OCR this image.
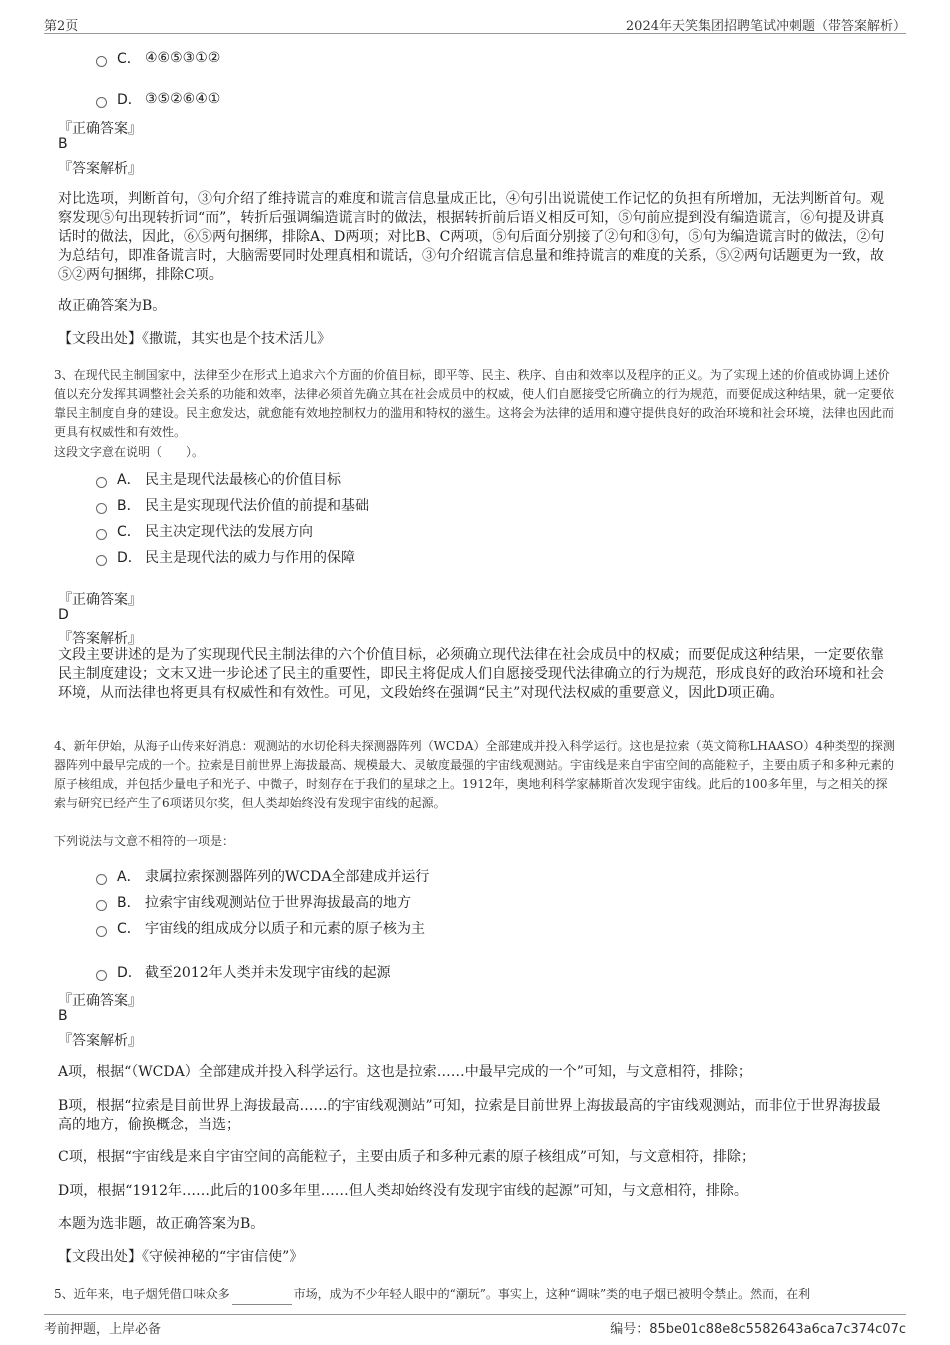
第2页	2024年天笑集团招聘笔试冲刺题（带答案解析）
C． ④⑥⑤③①②
D． ③⑤②⑥④①
『正确答案』
B
『答案解析』
对比选项，判断首句，③句介绍了维持谎言的难度和谎言信息量成正比，④句引出说谎使工作记忆的负担有所增加，无法判断首句。观察发现⑤句出现转折词“而”，转折后强调编造谎言时的做法，根据转折前后语义相反可知，⑤句前应提到没有编造谎言，⑥句提及讲真话时的做法，因此，⑥⑤两句捆绑，排除A、D两项；对比B、C两项，⑤句后面分别接了②句和③句，⑤句为编造谎言时的做法，②句为总结句，即准备谎言时，大脑需要同时处理真相和谎话，③句介绍谎言信息量和维持谎言的难度的关系，⑤②两句话题更为一致，故⑤②两句捆绑，排除C项。
故正确答案为B。
【文段出处】《撒谎，其实也是个技术活儿》
3、在现代民主制国家中，法律至少在形式上追求六个方面的价值目标，即平等、民主、秩序、自由和效率以及程序的正义。为了实现上述的价值或协调上述价值以充分发挥其调整社会关系的功能和效率，法律必须首先确立其在社会成员中的权威，使人们自愿接受它所确立的行为规范，而要促成这种结果，就一定要依靠民主制度自身的建设。民主愈发达，就愈能有效地控制权力的滥用和特权的滋生。这将会为法律的适用和遵守提供良好的政治环境和社会环境，法律也因此而更具有权威性和有效性。
这段文字意在说明（　　）。
A． 民主是现代法最核心的价值目标
B． 民主是实现现代法价值的前提和基础
C． 民主决定现代法的发展方向
D． 民主是现代法的威力与作用的保障
『正确答案』
D
『答案解析』
文段主要讲述的是为了实现现代民主制法律的六个价值目标，必须确立现代法律在社会成员中的权威；而要促成这种结果，一定要依靠民主制度建设；文末又进一步论述了民主的重要性，即民主将促成人们自愿接受现代法律确立的行为规范，形成良好的政治环境和社会环境，从而法律也将更具有权威性和有效性。可见，文段始终在强调“民主”对现代法权威的重要意义，因此D项正确。
4、新年伊始，从海子山传来好消息：观测站的水切伦科夫探测器阵列（WCDA）全部建成并投入科学运行。这也是拉索（英文简称LHAASO）4种类型的探测器阵列中最早完成的一个。拉索是目前世界上海拔最高、规模最大、灵敏度最强的宇宙线观测站。宇宙线是来自宇宙空间的高能粒子，主要由质子和多种元素的原子核组成，并包括少量电子和光子、中微子，时刻存在于我们的星球之上。1912年，奥地利科学家赫斯首次发现宇宙线。此后的100多年里，与之相关的探索与研究已经产生了6项诺贝尔奖，但人类却始终没有发现宇宙线的起源。
下列说法与文意不相符的一项是：
A． 隶属拉索探测器阵列的WCDA全部建成并运行
B． 拉索宇宙线观测站位于世界海拔最高的地方
C． 宇宙线的组成成分以质子和元素的原子核为主
D． 截至2012年人类并未发现宇宙线的起源
『正确答案』
B
『答案解析』
A项，根据“（WCDA）全部建成并投入科学运行。这也是拉索……中最早完成的一个”可知，与文意相符，排除；
B项，根据“拉索是目前世界上海拔最高……的宇宙线观测站”可知，拉索是目前世界上海拔最高的宇宙线观测站，而非位于世界海拔最高的地方，偷换概念，当选；
C项，根据“宇宙线是来自宇宙空间的高能粒子，主要由质子和多种元素的原子核组成”可知，与文意相符，排除；
D项，根据“1912年……此后的100多年里……但人类却始终没有发现宇宙线的起源”可知，与文意相符，排除。
本题为选非题，故正确答案为B。
【文段出处】《守候神秘的“宇宙信使”》
5、近年来，电子烟凭借口味众多	市场，成为不少年轻人眼中的“潮玩”。事实上，这种“调味”类的电子烟已被明令禁止。然而，在利
考前押题，上岸必备	编号：85be01c88e8c5582643a6ca7c374c07c
